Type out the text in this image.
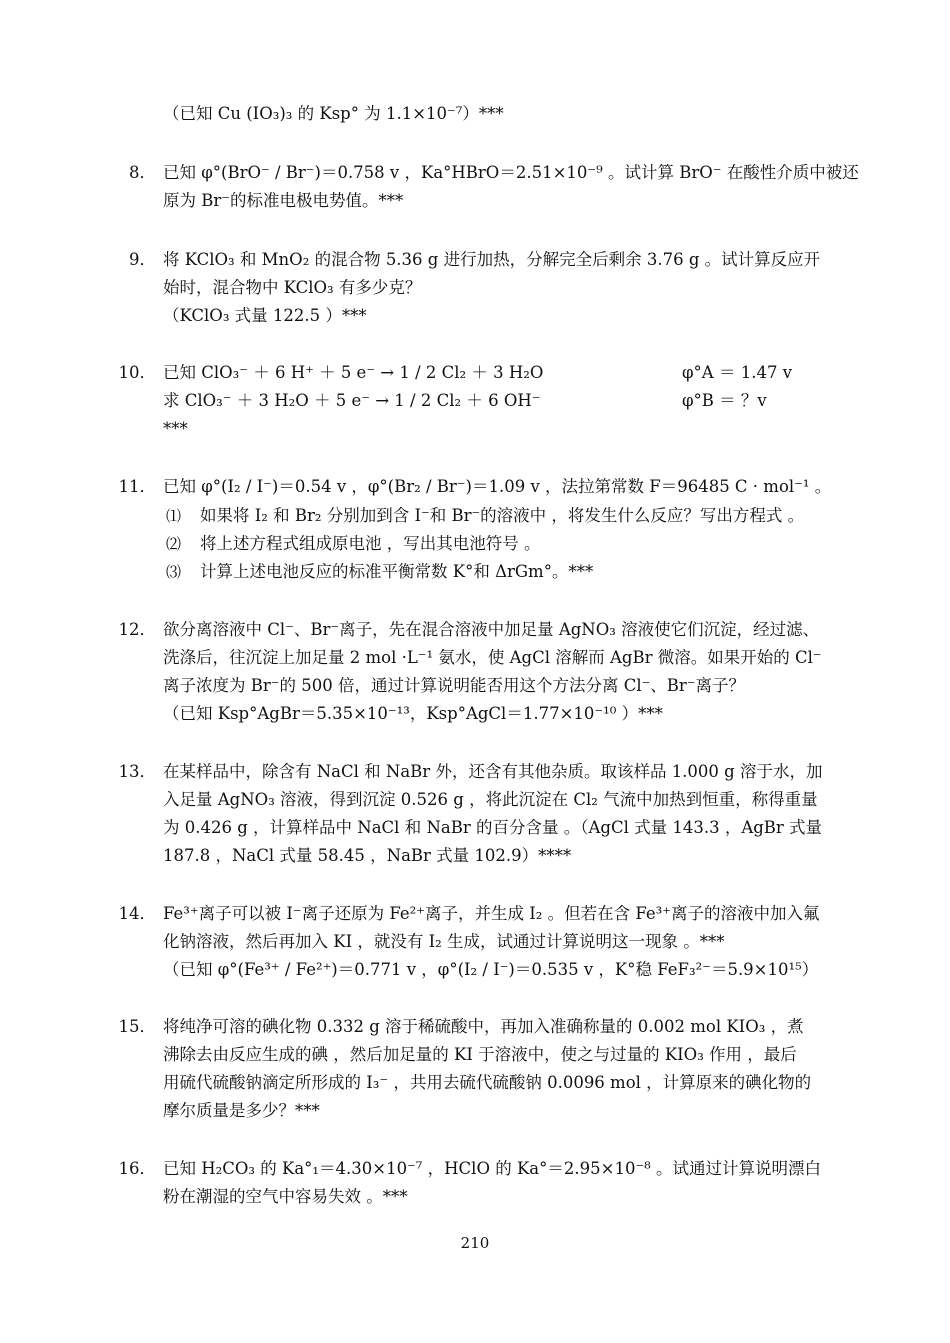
（已知 Cu (IO₃)₃ 的 Ksp° 为 1.1×10⁻⁷）***
8． 已知 φ°(BrO⁻ / Br⁻)＝0.758 v ，Ka°HBrO＝2.51×10⁻⁹ 。试计算 BrO⁻ 在酸性介质中被还
原为 Br⁻的标准电极电势值。***
9． 将 KClO₃ 和 MnO₂ 的混合物 5.36 g 进行加热，分解完全后剩余 3.76 g 。试计算反应开
始时，混合物中 KClO₃ 有多少克？
（KClO₃ 式量 122.5 ）***
10． 已知 ClO₃⁻ ＋ 6 H⁺ ＋ 5 e⁻ → 1 / 2 Cl₂ ＋ 3 H₂O
求 ClO₃⁻ ＋ 3 H₂O ＋ 5 e⁻ → 1 / 2 Cl₂ ＋ 6 OH⁻
***
φ°A ＝ 1.47 v
φ°B ＝ ？v
11． 已知 φ°(I₂ / I⁻)＝0.54 v ，φ°(Br₂ / Br⁻)＝1.09 v ，法拉第常数 F＝96485 C · mol⁻¹ 。
⑴ 如果将 I₂ 和 Br₂ 分别加到含 I⁻和 Br⁻的溶液中 ，将发生什么反应？写出方程式 。
⑵ 将上述方程式组成原电池 ，写出其电池符号 。
⑶ 计算上述电池反应的标准平衡常数 K°和 ΔrGm°。***
12． 欲分离溶液中 Cl⁻、Br⁻离子，先在混合溶液中加足量 AgNO₃ 溶液使它们沉淀，经过滤、
洗涤后，往沉淀上加足量 2 mol ·L⁻¹ 氨水，使 AgCl 溶解而 AgBr 微溶。如果开始的 Cl⁻
离子浓度为 Br⁻的 500 倍，通过计算说明能否用这个方法分离 Cl⁻、Br⁻离子？
（已知 Ksp°AgBr＝5.35×10⁻¹³，Ksp°AgCl＝1.77×10⁻¹⁰ ）***
13． 在某样品中，除含有 NaCl 和 NaBr 外，还含有其他杂质。取该样品 1.000 g 溶于水，加
入足量 AgNO₃ 溶液，得到沉淀 0.526 g ，将此沉淀在 Cl₂ 气流中加热到恒重，称得重量
为 0.426 g ，计算样品中 NaCl 和 NaBr 的百分含量 。（AgCl 式量 143.3 ，AgBr 式量
187.8 ，NaCl 式量 58.45 ，NaBr 式量 102.9）****
14． Fe³⁺离子可以被 I⁻离子还原为 Fe²⁺离子，并生成 I₂ 。但若在含 Fe³⁺离子的溶液中加入氟
化钠溶液，然后再加入 KI ，就没有 I₂ 生成，试通过计算说明这一现象 。***
（已知 φ°(Fe³⁺ / Fe²⁺)＝0.771 v ，φ°(I₂ / I⁻)＝0.535 v ，K°稳 FeF₃²⁻＝5.9×10¹⁵）
15． 将纯净可溶的碘化物 0.332 g 溶于稀硫酸中，再加入准确称量的 0.002 mol KIO₃ ，煮
沸除去由反应生成的碘 ，然后加足量的 KI 于溶液中，使之与过量的 KIO₃ 作用 ，最后
用硫代硫酸钠滴定所形成的 I₃⁻ ，共用去硫代硫酸钠 0.0096 mol ，计算原来的碘化物的
摩尔质量是多少？***
16． 已知 H₂CO₃ 的 Ka°₁＝4.30×10⁻⁷ ，HClO 的 Ka°＝2.95×10⁻⁸ 。试通过计算说明漂白
粉在潮湿的空气中容易失效 。***
210
